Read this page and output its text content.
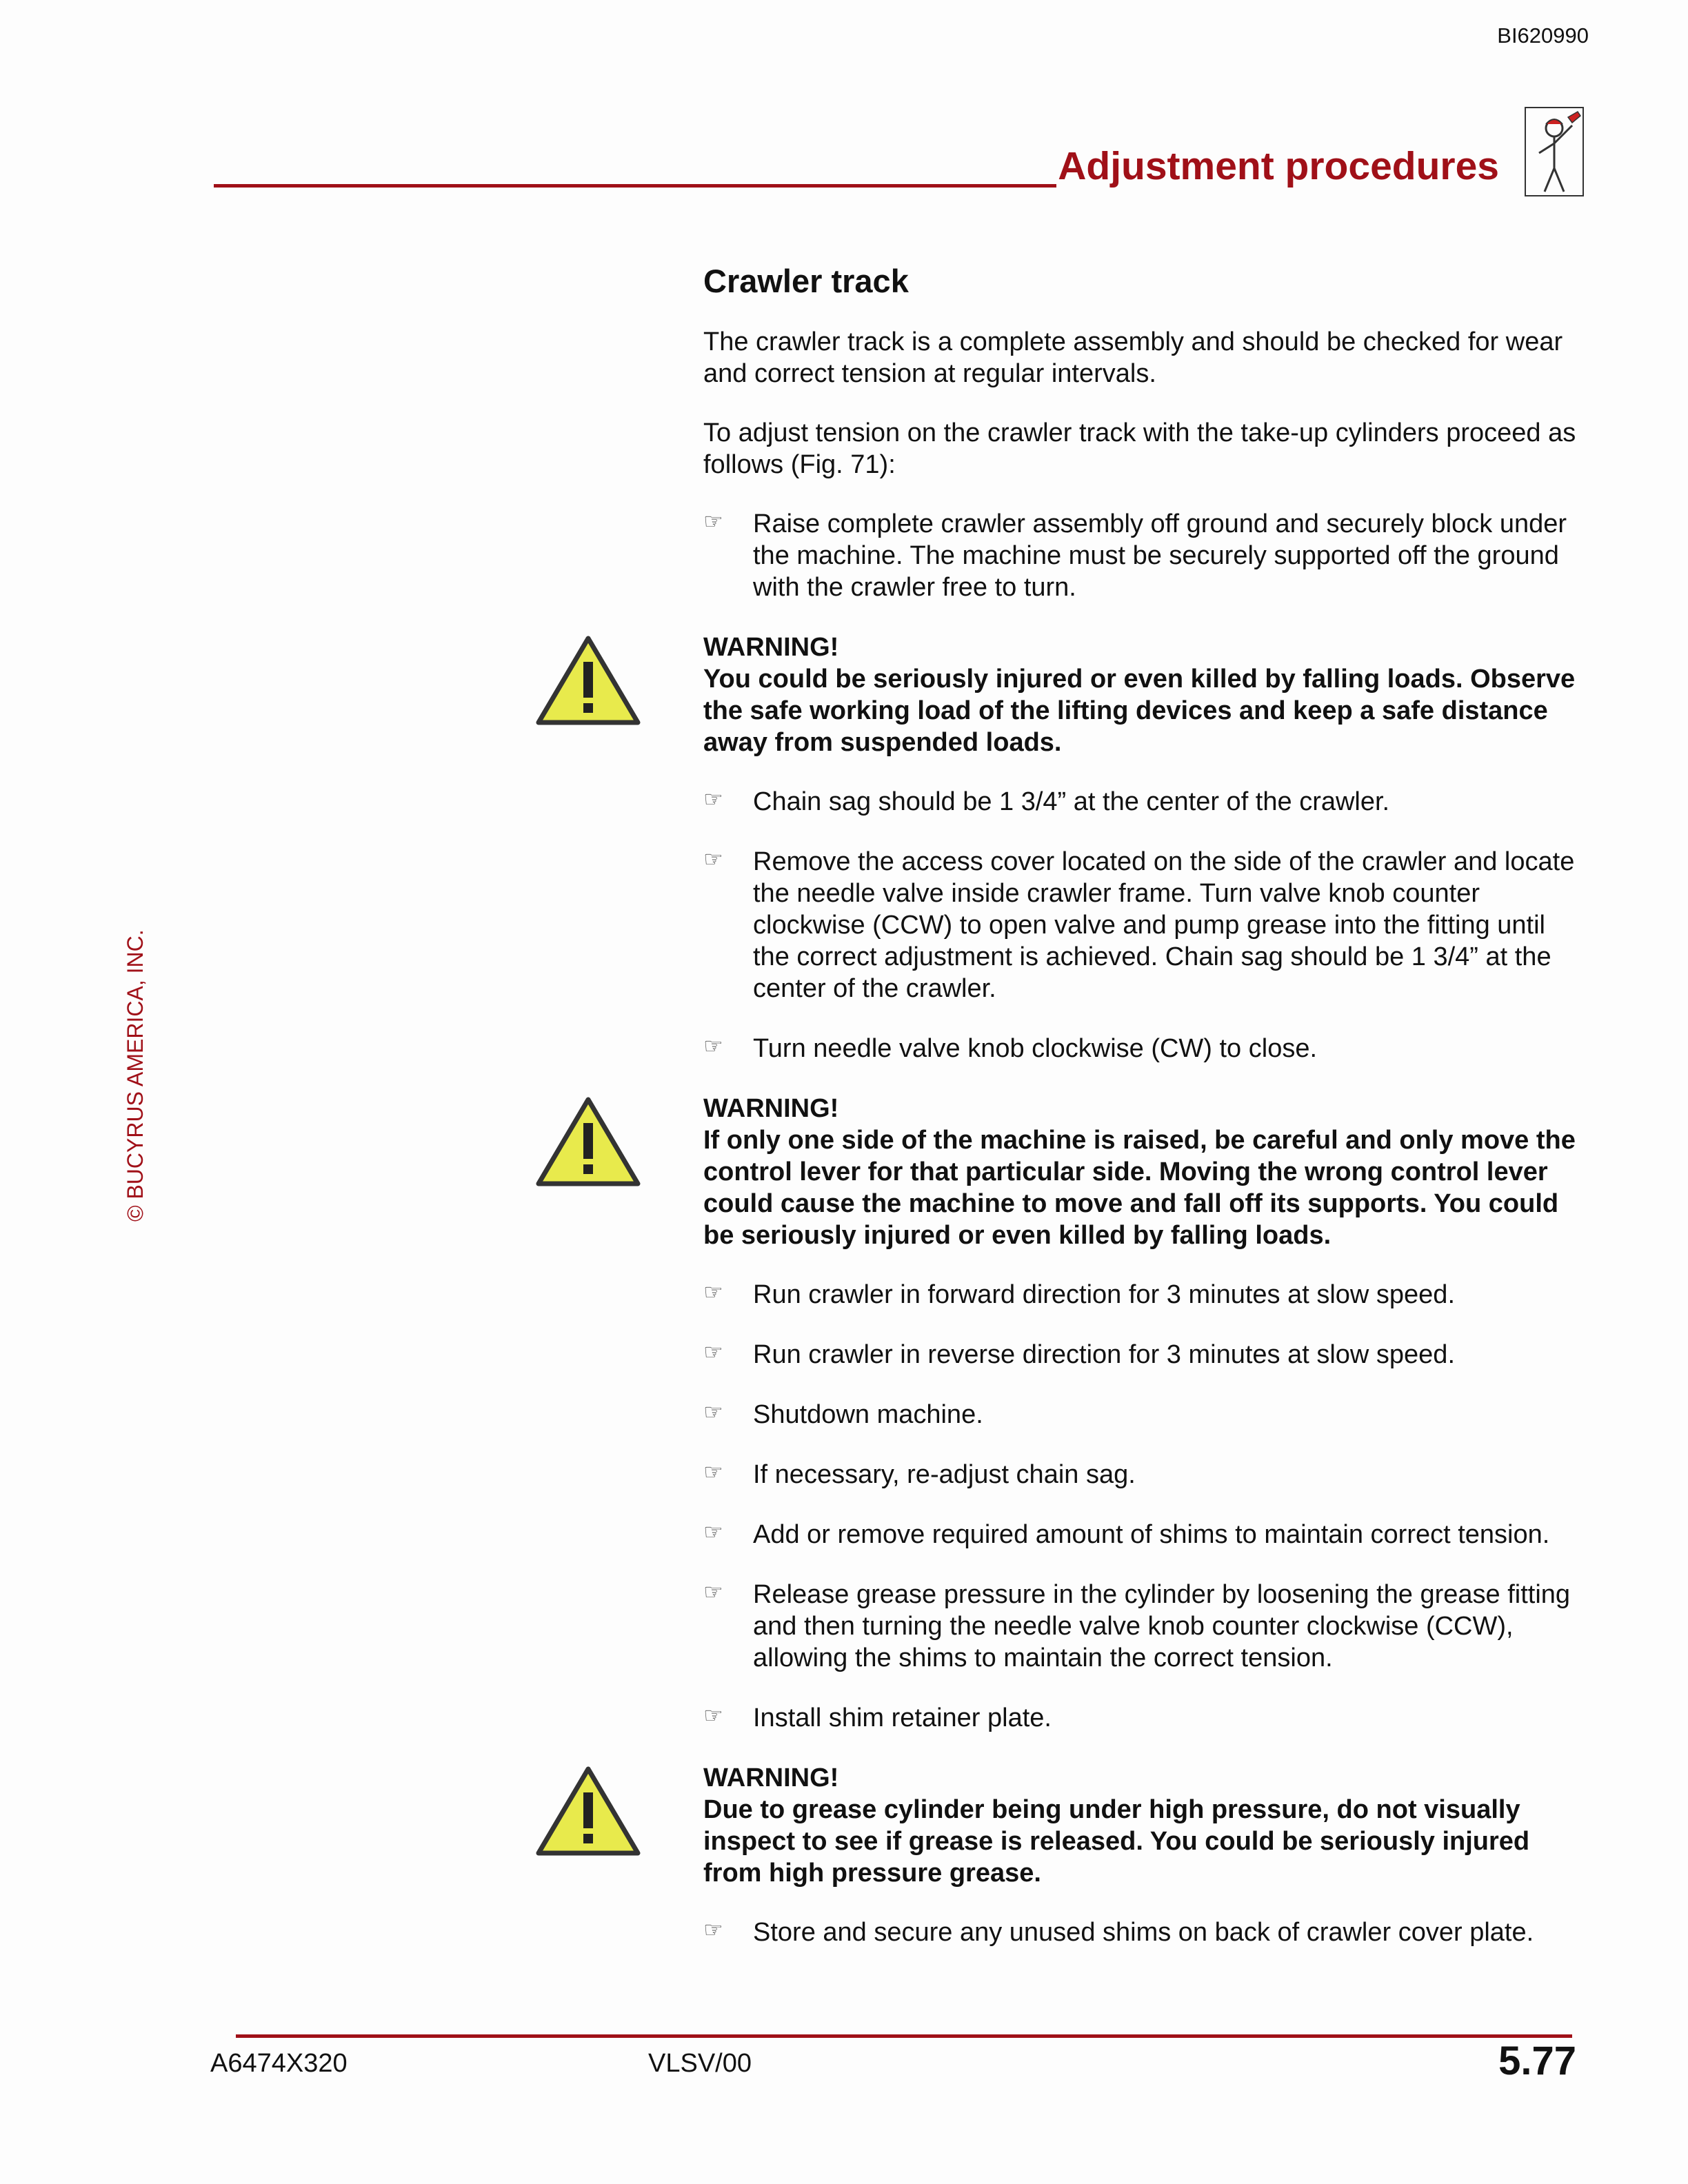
BI620990
Adjustment procedures
© BUCYRUS AMERICA, INC.
Crawler track

The crawler track is a complete assembly and should be checked for wear and correct tension at regular intervals.

To adjust tension on the crawler track with the take-up cylinders proceed as follows (Fig. 71):

☞ Raise complete crawler assembly off ground and securely block under the machine. The machine must be securely supported off the ground with the crawler free to turn.
WARNING!
You could be seriously injured or even killed by falling loads. Observe the safe working load of the lifting devices and keep a safe distance away from suspended loads.
☞ Chain sag should be 1 3/4” at the center of the crawler.
☞ Remove the access cover located on the side of the crawler and locate the needle valve inside crawler frame. Turn valve knob counter clockwise (CCW) to open valve and pump grease into the fitting until the correct adjustment is achieved. Chain sag should be 1 3/4” at the center of the crawler.
☞ Turn needle valve knob clockwise (CW) to close.
WARNING!
If only one side of the machine is raised, be careful and only move the control lever for that particular side. Moving the wrong control lever could cause the machine to move and fall off its supports. You could be seriously injured or even killed by falling loads.
☞ Run crawler in forward direction for 3 minutes at slow speed.
☞ Run crawler in reverse direction for 3 minutes at slow speed.
☞ Shutdown machine.
☞ If necessary, re-adjust chain sag.
☞ Add or remove required amount of shims to maintain correct tension.
☞ Release grease pressure in the cylinder by loosening the grease fitting and then turning the needle valve knob counter clockwise (CCW), allowing the shims to maintain the correct tension.
☞ Install shim retainer plate.
WARNING!
Due to grease cylinder being under high pressure, do not visually inspect to see if grease is released. You could be seriously injured from high pressure grease.
☞ Store and secure any unused shims on back of crawler cover plate.
A6474X320	VLSV/00	5.77
